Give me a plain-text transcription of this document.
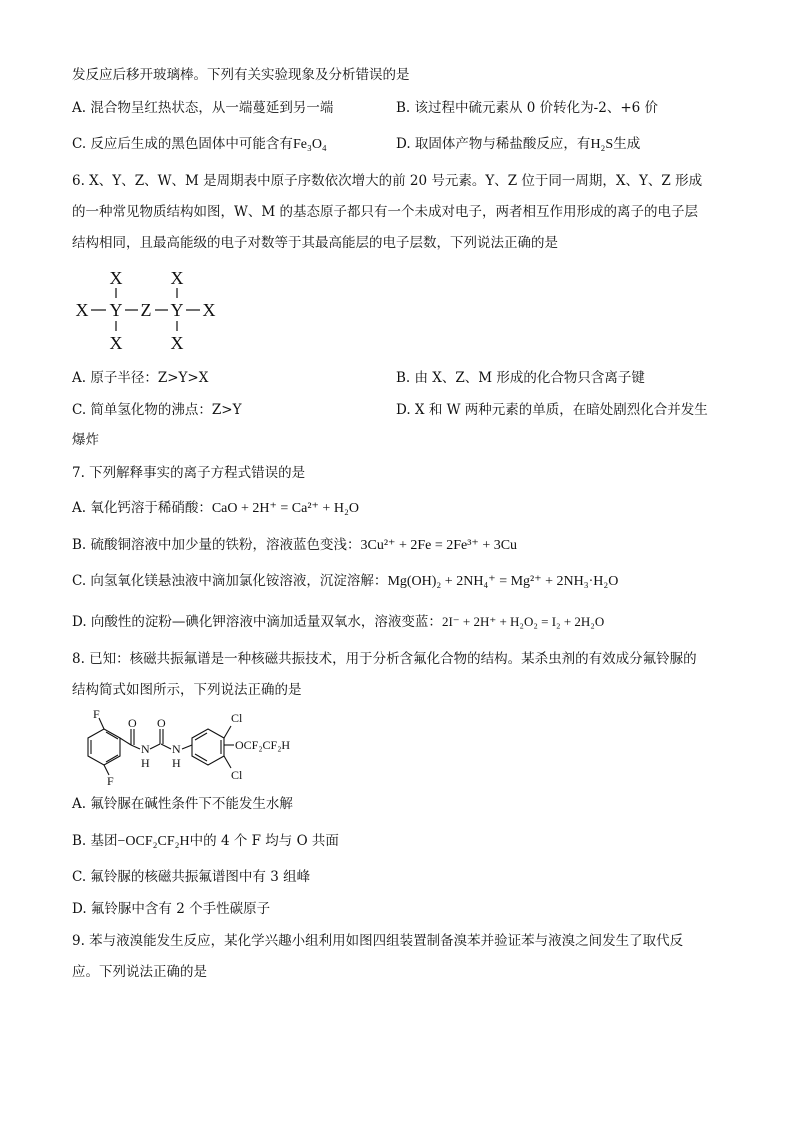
发反应后移开玻璃棒。下列有关实验现象及分析错误的是
A. 混合物呈红热状态，从一端蔓延到另一端	B. 该过程中硫元素从 0 价转化为-2、+6 价
C. 反应后生成的黑色固体中可能含有Fe₃O₄	D. 取固体产物与稀盐酸反应，有H₂S生成
6. X、Y、Z、W、M 是周期表中原子序数依次增大的前 20 号元素。Y、Z 位于同一周期，X、Y、Z 形成
的一种常见物质结构如图，W、M 的基态原子都只有一个未成对电子，两者相互作用形成的离子的电子层
结构相同，且最高能级的电子对数等于其最高能层的电子层数，下列说法正确的是
X	X
X Y Z Y X
X	X
A. 原子半径：Z>Y>X	B. 由 X、Z、M 形成的化合物只含离子键
C. 简单氢化物的沸点：Z>Y	D. X 和 W 两种元素的单质，在暗处剧烈化合并发生
爆炸
7. 下列解释事实的离子方程式错误的是
A. 氧化钙溶于稀硝酸：CaO + 2H⁺ = Ca²⁺ + H₂O
B. 硫酸铜溶液中加少量的铁粉，溶液蓝色变浅：3Cu²⁺ + 2Fe = 2Fe³⁺ + 3Cu
C. 向氢氧化镁悬浊液中滴加氯化铵溶液，沉淀溶解：Mg(OH)₂ + 2NH₄⁺ = Mg²⁺ + 2NH₃·H₂O
D. 向酸性的淀粉—碘化钾溶液中滴加适量双氧水，溶液变蓝：2I⁻ + 2H⁺ + H₂O₂ = I₂ + 2H₂O
8. 已知：核磁共振氟谱是一种核磁共振技术，用于分析含氟化合物的结构。某杀虫剂的有效成分氟铃脲的
结构简式如图所示，下列说法正确的是
F
F
O O
N
H
N
H
Cl
Cl
OCF₂CF₂H
A. 氟铃脲在碱性条件下不能发生水解
B. 基团−OCF₂CF₂H中的 4 个 F 均与 O 共面
C. 氟铃脲的核磁共振氟谱图中有 3 组峰
D. 氟铃脲中含有 2 个手性碳原子
9. 苯与液溴能发生反应，某化学兴趣小组利用如图四组装置制备溴苯并验证苯与液溴之间发生了取代反
应。下列说法正确的是
